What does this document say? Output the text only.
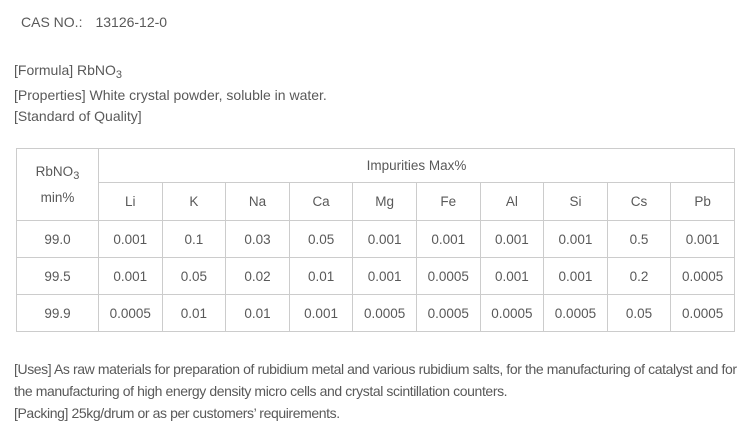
CAS NO.: 13126-12-0

[Formula] RbNO$_3$

[Properties] White crystal powder, soluble in water.

[Standard of Quality]

RbNO$_3$
min%	Impurities Max%									
	Li	K	Na	Ca	Mg	Fe	Al	Si	Cs	Pb
99.0	0.001	0.1	0.03	0.05	0.001	0.001	0.001	0.001	0.5	0.001
99.5	0.001	0.05	0.02	0.01	0.001	0.0005	0.001	0.001	0.2	0.0005
99.9	0.0005	0.01	0.01	0.001	0.0005	0.0005	0.0005	0.0005	0.05	0.0005

[Uses] As raw materials for preparation of rubidium metal and various rubidium salts, for the manufacturing of catalyst and for the manufacturing of high energy density micro cells and crystal scintillation counters.

[Packing] 25kg/drum or as per customers’ requirements.
